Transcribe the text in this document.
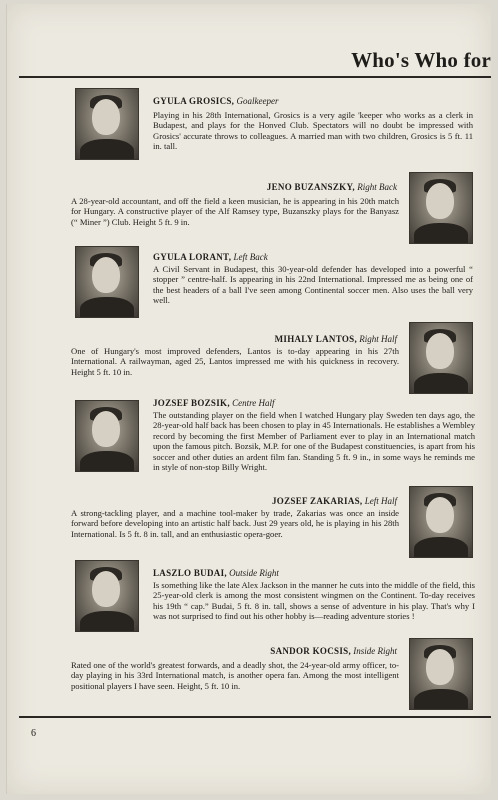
Who's Who for
GYULA GROSICS, Goalkeeper

Playing in his 28th International, Grosics is a very agile 'keeper who works as a clerk in Budapest, and plays for the Honved Club. Spectators will no doubt be impressed with Grosics' accurate throws to colleagues. A married man with two children, Grosics is 5 ft. 11 in. tall.

JENO BUZANSZKY, Right Back

A 28-year-old accountant, and off the field a keen musician, he is appearing in his 20th match for Hungary. A constructive player of the Alf Ramsey type, Buzanszky plays for the Banyasz (“ Miner ”) Club. Height 5 ft. 9 in.

GYULA LORANT, Left Back

A Civil Servant in Budapest, this 30-year-old defender has developed into a powerful “ stopper ” centre-half. Is appearing in his 22nd International. Impressed me as being one of the best headers of a ball I've seen among Continental soccer men. Also uses the ball very well.

MIHALY LANTOS, Right Half

One of Hungary's most improved defenders, Lantos is to-day appearing in his 27th International. A railwayman, aged 25, Lantos impressed me with his quickness in recovery. Height 5 ft. 10 in.

JOZSEF BOZSIK, Centre Half

The outstanding player on the field when I watched Hungary play Sweden ten days ago, the 28-year-old half back has been chosen to play in 45 Internationals. He establishes a Wembley record by becoming the first Member of Parliament ever to play in an International match upon the famous pitch. Bozsik, M.P. for one of the Budapest constituencies, is apart from his soccer and other duties an ardent film fan. Standing 5 ft. 9 in., in some ways he reminds me in style of non-stop Billy Wright.

JOZSEF ZAKARIAS, Left Half

A strong-tackling player, and a machine tool-maker by trade, Zakarias was once an inside forward before developing into an artistic half back. Just 29 years old, he is playing in his 28th International. Is 5 ft. 8 in. tall, and an enthusiastic opera-goer.

LASZLO BUDAI, Outside Right

Is something like the late Alex Jackson in the manner he cuts into the middle of the field, this 25-year-old clerk is among the most consistent wingmen on the Continent. To-day receives his 19th “ cap.” Budai, 5 ft. 8 in. tall, shows a sense of adventure in his play. That's why I was not surprised to find out his other hobby is—reading adventure stories !

SANDOR KOCSIS, Inside Right

Rated one of the world's greatest forwards, and a deadly shot, the 24-year-old army officer, to-day playing in his 33rd International match, is another opera fan. Among the most intelligent positional players I have seen. Height, 5 ft. 10 in.

6
